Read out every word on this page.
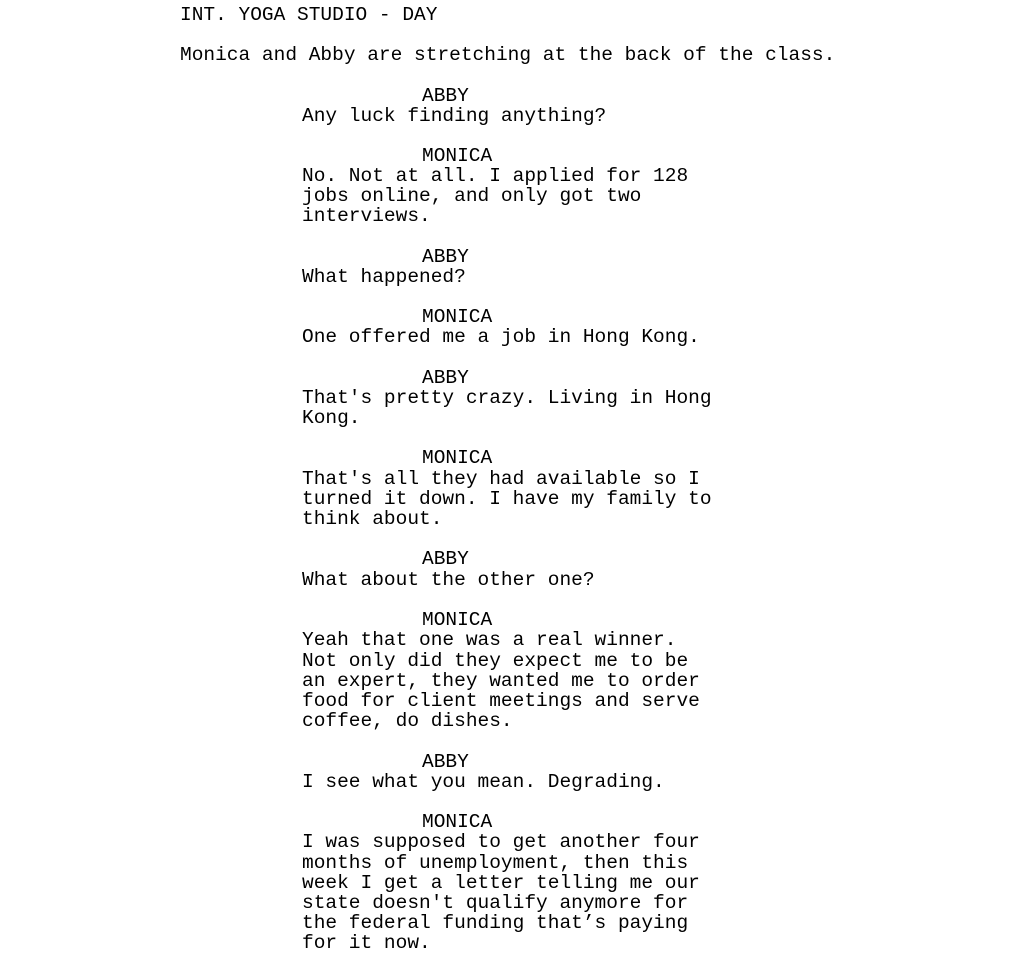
INT. YOGA STUDIO - DAY
Monica and Abby are stretching at the back of the class.
ABBY
Any luck finding anything?
MONICA
No. Not at all. I applied for 128
jobs online, and only got two
interviews.
ABBY
What happened?
MONICA
One offered me a job in Hong Kong.
ABBY
That's pretty crazy. Living in Hong
Kong.
MONICA
That's all they had available so I
turned it down. I have my family to
think about.
ABBY
What about the other one?
MONICA
Yeah that one was a real winner.
Not only did they expect me to be
an expert, they wanted me to order
food for client meetings and serve
coffee, do dishes.
ABBY
I see what you mean. Degrading.
MONICA
I was supposed to get another four
months of unemployment, then this
week I get a letter telling me our
state doesn't qualify anymore for
the federal funding that’s paying
for it now.
